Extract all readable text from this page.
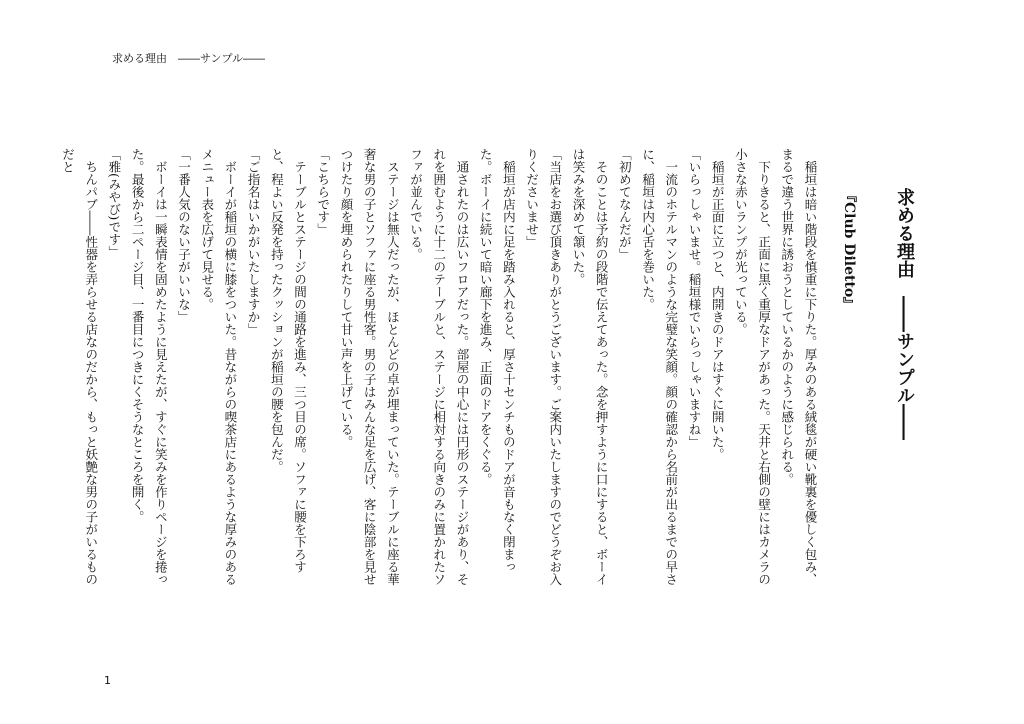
求める理由　――サンプル――
求める理由　――サンプル――
『Club Diletto』

　稲垣は暗い階段を慎重に下りた。厚みのある絨毯が硬い靴裏を優しく包み、まるで違う世界に誘おうとしているかのように感じられる。

　下りきると、正面に黒く重厚なドアがあった。天井と右側の壁にはカメラの小さな赤いランプが光っている。

　稲垣が正面に立つと、内開きのドアはすぐに開いた。

「いらっしゃいませ。稲垣様でいらっしゃいますね」

　一流のホテルマンのような完璧な笑顔。顔の確認から名前が出るまでの早さに、稲垣は内心舌を巻いた。

「初めてなんだが」

　そのことは予約の段階で伝えてあった。念を押すように口にすると、ボーイは笑みを深めて頷いた。

「当店をお選び頂きありがとうございます。ご案内いたしますのでどうぞお入りくださいませ」

　稲垣が店内に足を踏み入れると、厚さ十センチものドアが音もなく閉まった。ボーイに続いて暗い廊下を進み、正面のドアをくぐる。

　通されたのは広いフロアだった。部屋の中心には円形のステージがあり、それを囲むように十二のテーブルと、ステージに相対する向きのみに置かれたソファが並んでいる。

　ステージは無人だったが、ほとんどの卓が埋まっていた。テーブルに座る華奢な男の子とソファに座る男性客。男の子はみんな足を広げ、客に陰部を見せつけたり顔を埋められたりして甘い声を上げている。

「こちらです」

　テーブルとステージの間の通路を進み、三つ目の席。ソファに腰を下ろすと、程よい反発を持ったクッションが稲垣の腰を包んだ。

「ご指名はいかがいたしますか」

　ボーイが稲垣の横に膝をついた。昔ながらの喫茶店にあるような厚みのあるメニュー表を広げて見せる。

「一番人気のない子がいいな」

　ボーイは一瞬表情を固めたように見えたが、すぐに笑みを作りページを捲った。最後から二ページ目、一番目につきにくそうなところを開く。

「雅(みやび)です」

　ちんパブ――性器を弄らせる店なのだから、もっと妖艶な男の子がいるものだと

1
